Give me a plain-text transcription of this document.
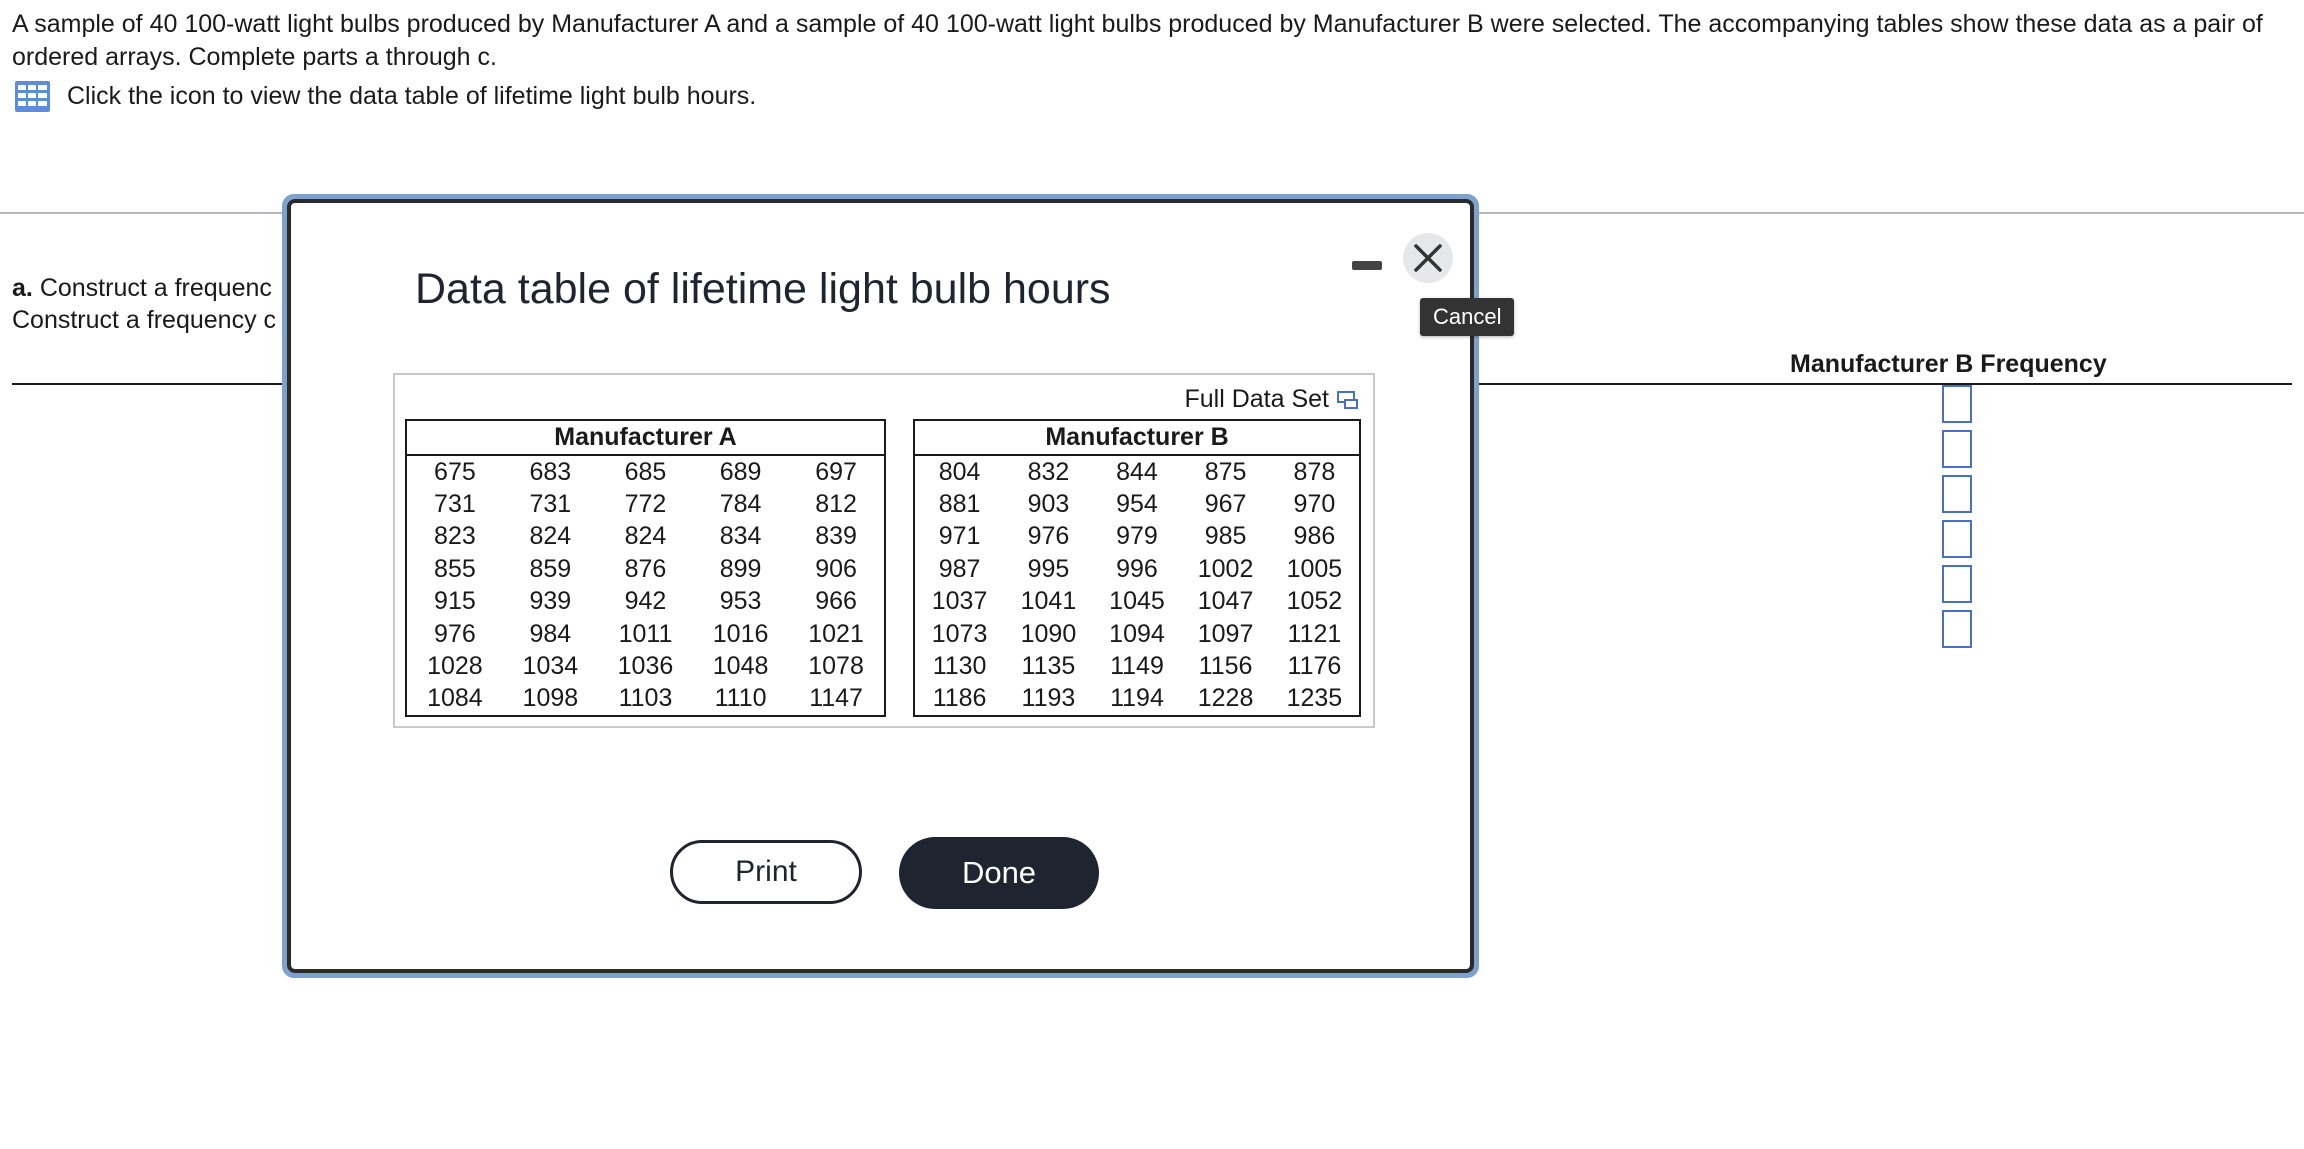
A sample of 40 100-watt light bulbs produced by Manufacturer A and a sample of 40 100-watt light bulbs produced by Manufacturer B were selected. The accompanying tables show these data as a pair of ordered arrays. Complete parts a through c.

Click the icon to view the data table of lifetime light bulb hours.
a. Construct a frequenc
Construct a frequency c
Manufacturer B Frequency
Data table of lifetime light bulb hours
Full Data Set
Manufacturer A				
675	683	685	689	697
731	731	772	784	812
823	824	824	834	839
855	859	876	899	906
915	939	942	953	966
976	984	1011	1016	1021
1028	1034	1036	1048	1078
1084	1098	1103	1110	1147
Manufacturer B				
804	832	844	875	878
881	903	954	967	970
971	976	979	985	986
987	995	996	1002	1005
1037	1041	1045	1047	1052
1073	1090	1094	1097	1121
1130	1135	1149	1156	1176
1186	1193	1194	1228	1235
Print	Done
Cancel
